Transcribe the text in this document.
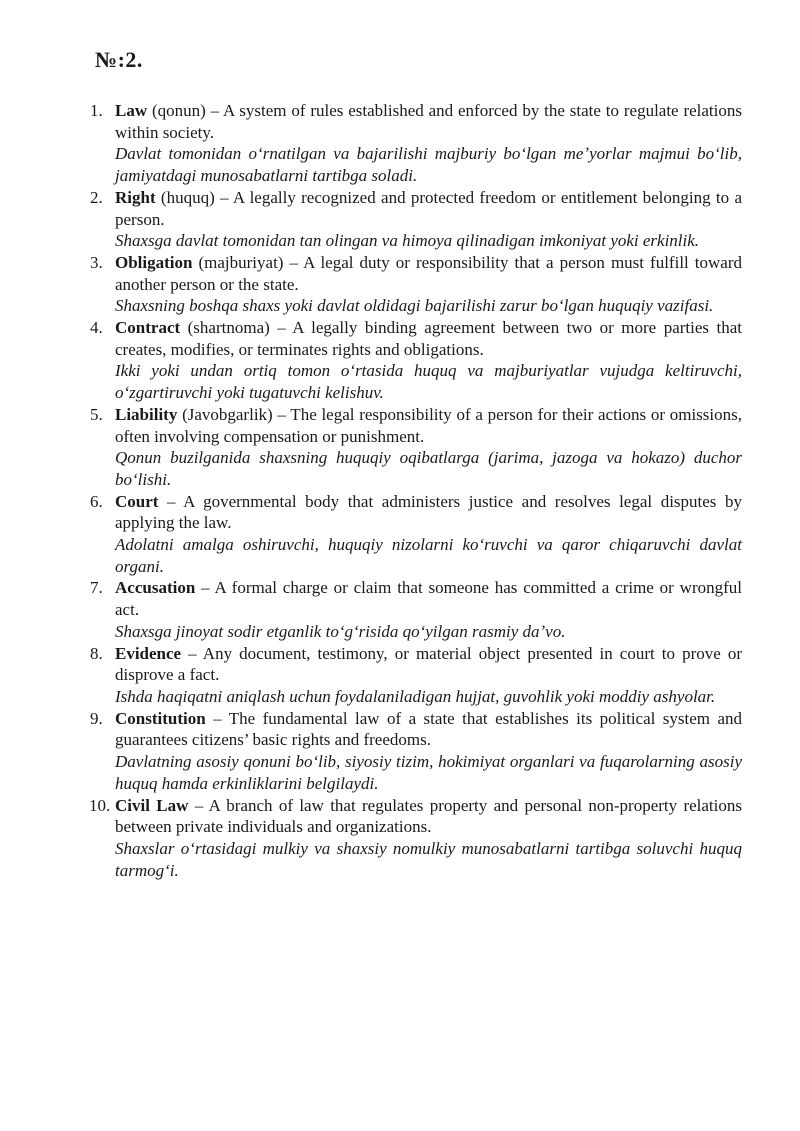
№:2.
1. Law (qonun) – A system of rules established and enforced by the state to regulate relations within society.

Davlat tomonidan oʻrnatilgan va bajarilishi majburiy boʻlgan meʼyorlar majmui boʻlib, jamiyatdagi munosabatlarni tartibga soladi.

2. Right (huquq) – A legally recognized and protected freedom or entitlement belonging to a person.

Shaxsga davlat tomonidan tan olingan va himoya qilinadigan imkoniyat yoki erkinlik.

3. Obligation (majburiyat) – A legal duty or responsibility that a person must fulfill toward another person or the state.

Shaxsning boshqa shaxs yoki davlat oldidagi bajarilishi zarur boʻlgan huquqiy vazifasi.

4. Contract (shartnoma) – A legally binding agreement between two or more parties that creates, modifies, or terminates rights and obligations.

Ikki yoki undan ortiq tomon oʻrtasida huquq va majburiyatlar vujudga keltiruvchi, oʻzgartiruvchi yoki tugatuvchi kelishuv.

5. Liability (Javobgarlik) – The legal responsibility of a person for their actions or omissions, often involving compensation or punishment.

Qonun buzilganida shaxsning huquqiy oqibatlarga (jarima, jazoga va hokazo) duchor boʻlishi.

6. Court – A governmental body that administers justice and resolves legal disputes by applying the law.

Adolatni amalga oshiruvchi, huquqiy nizolarni koʻruvchi va qaror chiqaruvchi davlat organi.

7. Accusation – A formal charge or claim that someone has committed a crime or wrongful act.

Shaxsga jinoyat sodir etganlik toʻgʻrisida qoʻyilgan rasmiy daʼvo.

8. Evidence – Any document, testimony, or material object presented in court to prove or disprove a fact.

Ishda haqiqatni aniqlash uchun foydalaniladigan hujjat, guvohlik yoki moddiy ashyolar.

9. Constitution – The fundamental law of a state that establishes its political system and guarantees citizens’ basic rights and freedoms.

Davlatning asosiy qonuni boʻlib, siyosiy tizim, hokimiyat organlari va fuqarolarning asosiy huquq hamda erkinliklarini belgilaydi.

10. Civil Law – A branch of law that regulates property and personal non-property relations between private individuals and organizations.

Shaxslar oʻrtasidagi mulkiy va shaxsiy nomulkiy munosabatlarni tartibga soluvchi huquq tarmogʻi.
